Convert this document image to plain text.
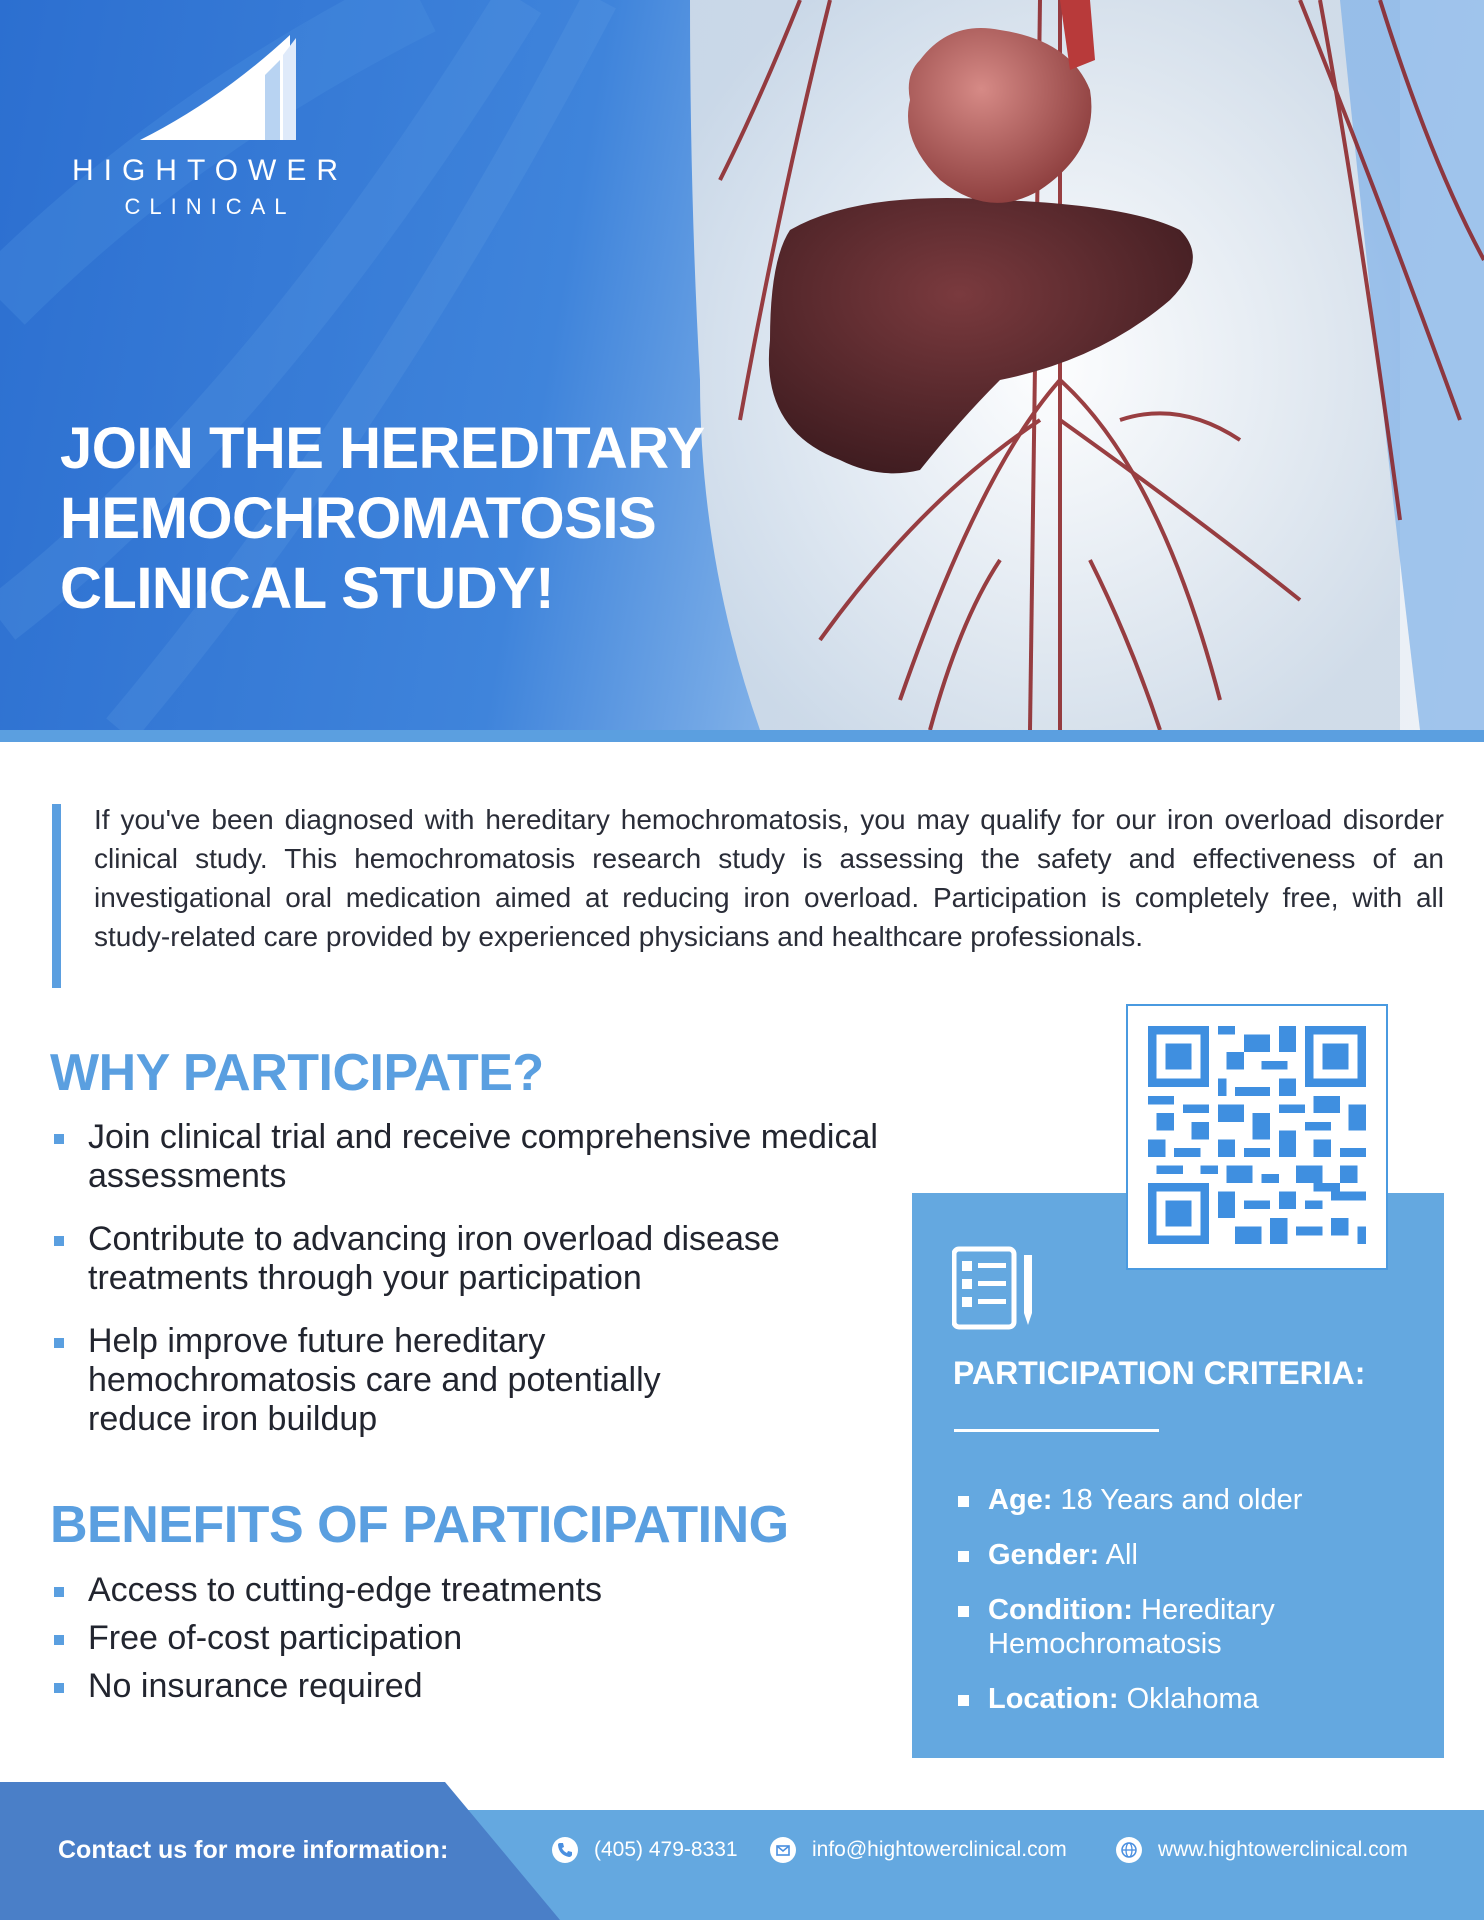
HIGHTOWER
CLINICAL
JOIN THE HEREDITARY
HEMOCHROMATOSIS
CLINICAL STUDY!

If you've been diagnosed with hereditary hemochromatosis, you may qualify for our iron overload disorder clinical study. This hemochromatosis research study is assessing the safety and effectiveness of an investigational oral medication aimed at reducing iron overload. Participation is completely free, with all study-related care provided by experienced physicians and healthcare professionals.

WHY PARTICIPATE?
Join clinical trial and receive comprehensive medical assessments
Contribute to advancing iron overload disease treatments through your participation
Help improve future hereditary hemochromatosis care and potentially reduce iron buildup
BENEFITS OF PARTICIPATING
Access to cutting-edge treatments
Free of-cost participation
No insurance required
PARTICIPATION CRITERIA:
Age: 18 Years and older
Gender: All
Condition: Hereditary Hemochromatosis
Location: Oklahoma
Contact us for more information:	(405) 479-8331	info@hightowerclinical.com	www.hightowerclinical.com
